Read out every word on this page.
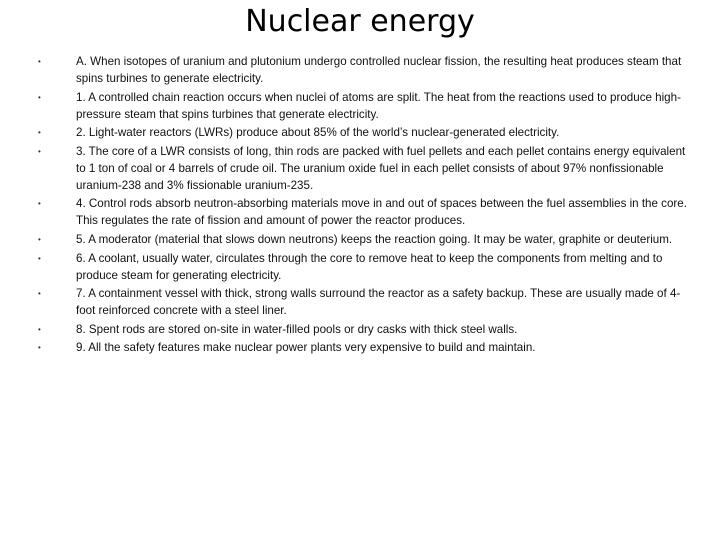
Nuclear energy
•	A. When isotopes of uranium and plutonium undergo controlled nuclear fission, the resulting heat produces steam that spins turbines to generate electricity.
•	1. A controlled chain reaction occurs when nuclei of atoms are split. The heat from the reactions used to produce high-pressure steam that spins turbines that generate electricity.
•	2. Light-water reactors (LWRs) produce about 85% of the world’s nuclear-generated electricity.
•	3. The core of a LWR consists of long, thin rods are packed with fuel pellets and each pellet contains energy equivalent to 1 ton of coal or 4 barrels of crude oil. The uranium oxide fuel in each pellet consists of about 97% nonfissionable uranium-238 and 3% fissionable uranium-235.
•	4. Control rods absorb neutron-absorbing materials move in and out of spaces between the fuel assemblies in the core. This regulates the rate of fission and amount of power the reactor produces.
•	5. A moderator (material that slows down neutrons) keeps the reaction going. It may be water, graphite or deuterium.
•	6. A coolant, usually water, circulates through the core to remove heat to keep the components from melting and to produce steam for generating electricity.
•	7. A containment vessel with thick, strong walls surround the reactor as a safety backup. These are usually made of 4-foot reinforced concrete with a steel liner.
•	8. Spent rods are stored on-site in water-filled pools or dry casks with thick steel walls.
•	9. All the safety features make nuclear power plants very expensive to build and maintain.
